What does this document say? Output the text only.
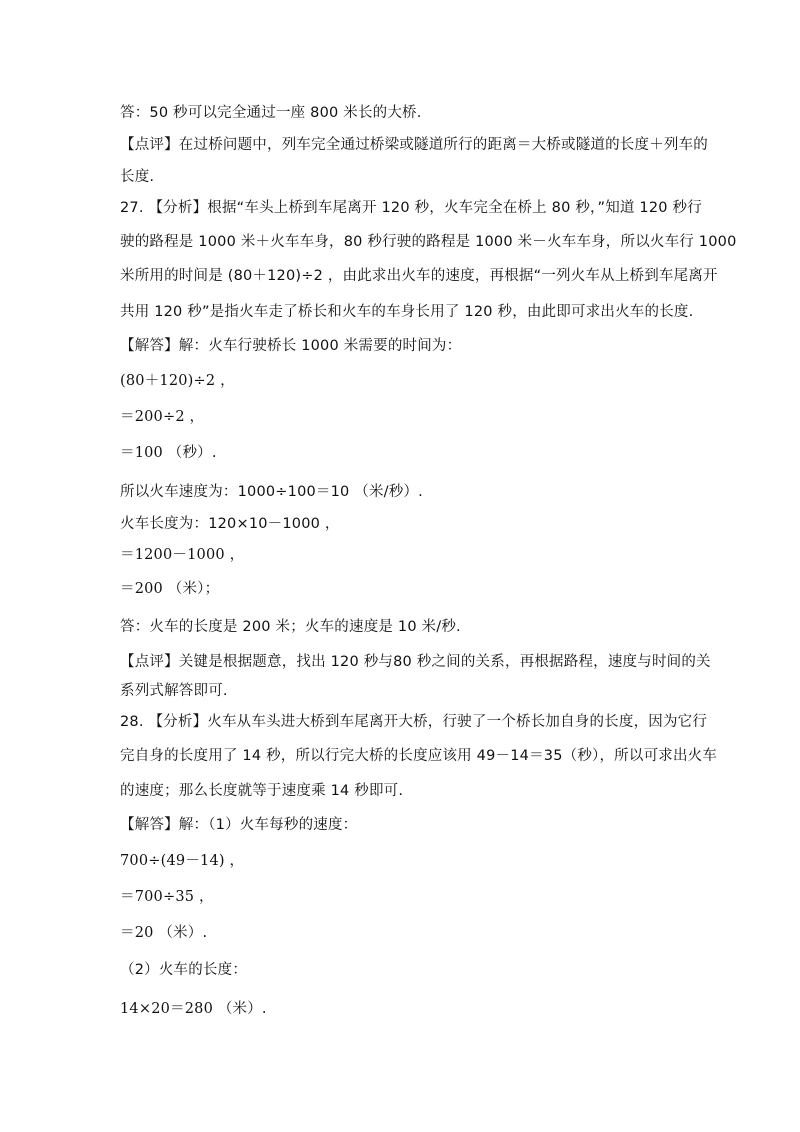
答：50 秒可以完全通过一座 800 米长的大桥.
【点评】在过桥问题中，列车完全通过桥梁或隧道所行的距离＝大桥或隧道的长度＋列车的
长度.
27. 【分析】根据“车头上桥到车尾离开 120 秒，火车完全在桥上 80 秒，”知道 120 秒行
驶的路程是 1000 米＋火车车身，80 秒行驶的路程是 1000 米－火车车身，所以火车行 1000
米所用的时间是 (80＋120)÷2 ，由此求出火车的速度，再根据“一列火车从上桥到车尾离开
共用 120 秒”是指火车走了桥长和火车的车身长用了 120 秒，由此即可求出火车的长度.
【解答】解：火车行驶桥长 1000 米需要的时间为：
(80＋120)÷2 ，
＝200÷2 ，
＝100 （秒）.
所以火车速度为：1000÷100＝10 （米/秒）.
火车长度为：120×10－1000 ，
＝1200－1000 ，
＝200 （米）；
答：火车的长度是 200 米；火车的速度是 10 米/秒.
【点评】关键是根据题意，找出 120 秒与80 秒之间的关系，再根据路程，速度与时间的关
系列式解答即可.
28. 【分析】火车从车头进大桥到车尾离开大桥，行驶了一个桥长加自身的长度，因为它行
完自身的长度用了 14 秒，所以行完大桥的长度应该用 49－14＝35（秒），所以可求出火车
的速度；那么长度就等于速度乘 14 秒即可.
【解答】解：（1）火车每秒的速度：
700÷(49－14) ，
＝700÷35 ，
＝20 （米）.
（2）火车的长度：
14×20＝280 （米）.
